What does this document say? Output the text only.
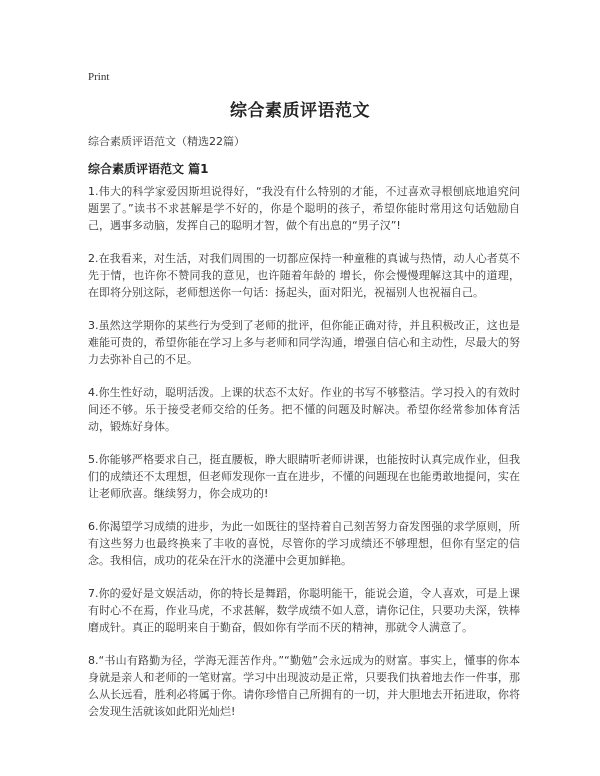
Print
综合素质评语范文
综合素质评语范文（精选22篇）
综合素质评语范文 篇1

1.伟大的科学家爱因斯坦说得好，“我没有什么特别的才能，不过喜欢寻根刨底地追究问题罢了。”读书不求甚解是学不好的，你是个聪明的孩子，希望你能时常用这句话勉励自己，遇事多动脑，发挥自己的聪明才智，做个有出息的“男子汉”!

2.在我看来，对生活，对我们周围的一切都应保持一种童稚的真诚与热情，动人心者莫不先于情，也许你不赞同我的意见，也许随着年龄的 增长，你会慢慢理解这其中的道理，在即将分别这际，老师想送你一句话：扬起头，面对阳光，祝福别人也祝福自己。

3.虽然这学期你的某些行为受到了老师的批评，但你能正确对待，并且积极改正，这也是难能可贵的，希望你能在学习上多与老师和同学沟通，增强自信心和主动性，尽最大的努力去弥补自己的不足。

4.你生性好动，聪明活泼。上课的状态不太好。作业的书写不够整洁。学习投入的有效时间还不够。乐于接受老师交给的任务。把不懂的问题及时解决。希望你经常参加体育活动，锻炼好身体。

5.你能够严格要求自己，挺直腰板，睁大眼睛听老师讲课，也能按时认真完成作业，但我们的成绩还不太理想，但老师发现你一直在进步，不懂的问题现在也能勇敢地提问，实在让老师欣喜。继续努力，你会成功的!

6.你渴望学习成绩的进步，为此一如既往的坚持着自己刻苦努力奋发图强的求学原则，所有这些努力也最终换来了丰收的喜悦，尽管你的学习成绩还不够理想，但你有坚定的信念。我相信，成功的花朵在汗水的浇灌中会更加鲜艳。

7.你的爱好是文娱活动，你的特长是舞蹈，你聪明能干，能说会道，令人喜欢，可是上课有时心不在焉，作业马虎，不求甚解，数学成绩不如人意，请你记住，只要功夫深，铁棒磨成针。真正的聪明来自于勤奋，假如你有学而不厌的精神，那就令人满意了。

8.“书山有路勤为径，学海无涯苦作舟。”“勤勉”会永远成为的财富。事实上，懂事的你本身就是亲人和老师的一笔财富。学习中出现波动是正常，只要我们执着地去作一件事，那么从长远看，胜利必将属于你。请你珍惜自己所拥有的一切，并大胆地去开拓进取，你将会发现生活就该如此阳光灿烂!
